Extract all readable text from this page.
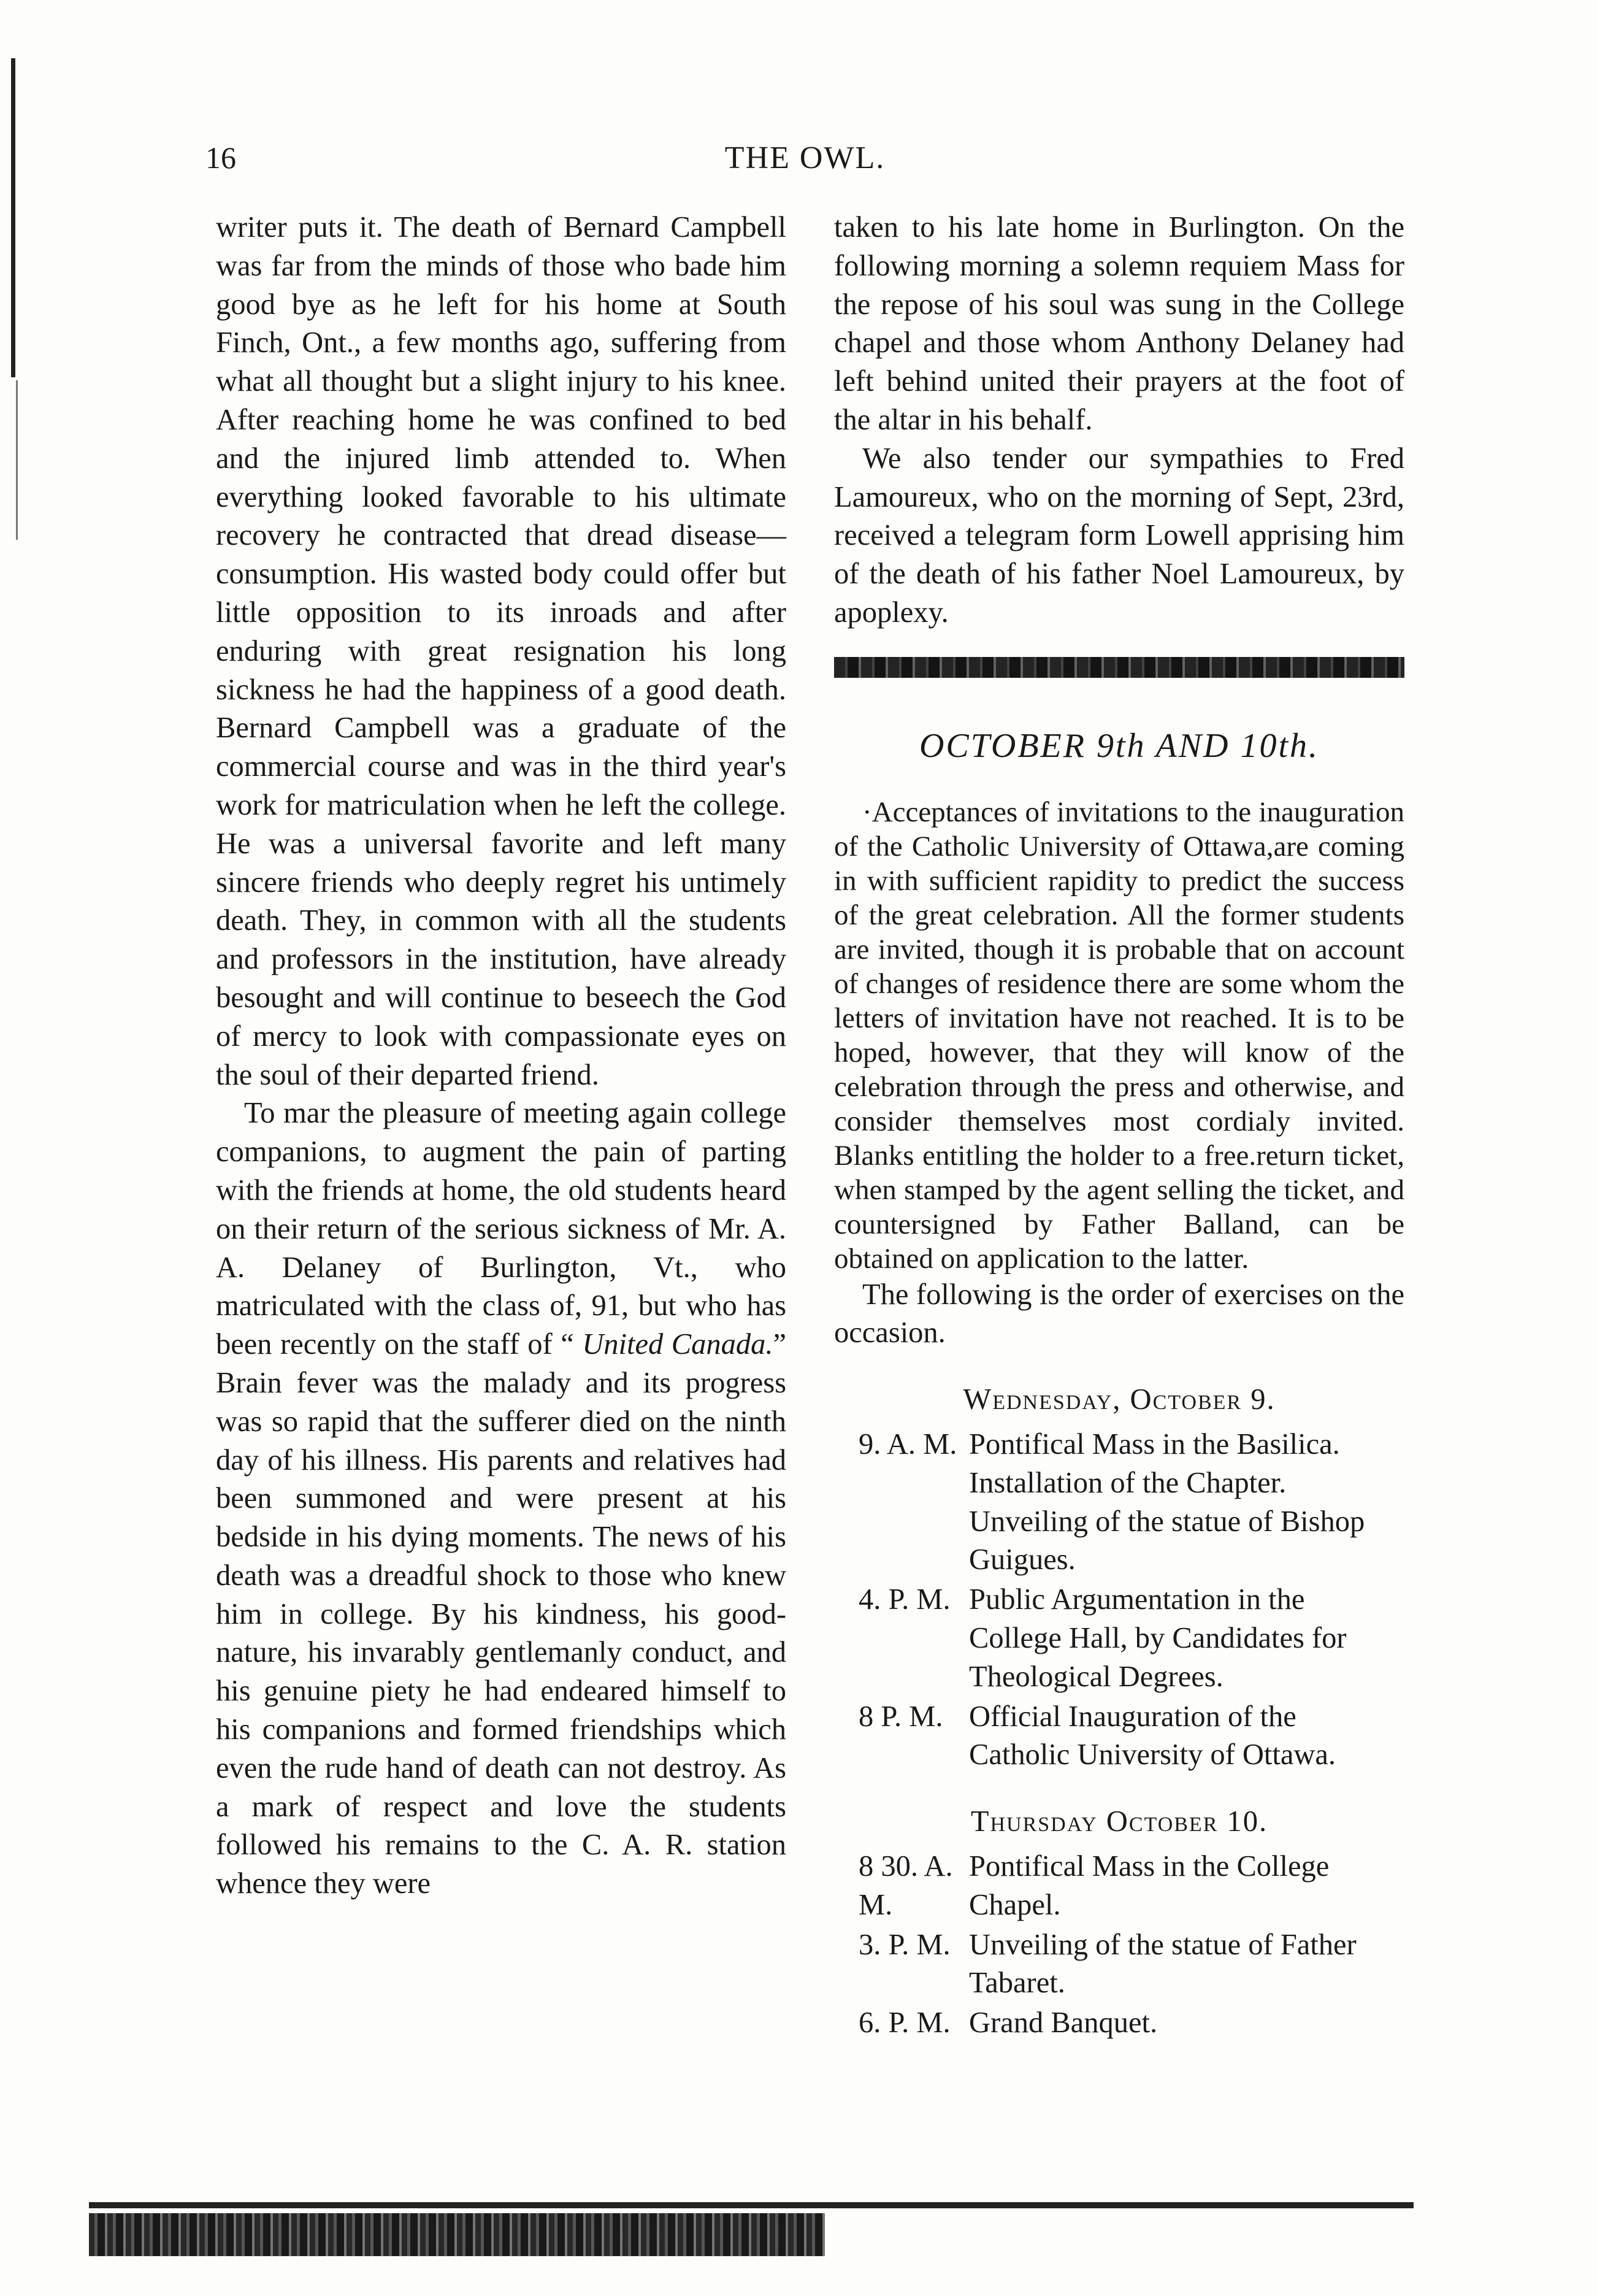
16	THE OWL.

writer puts it. The death of Bernard Campbell was far from the minds of those who bade him good bye as he left for his home at South Finch, Ont., a few months ago, suffering from what all thought but a slight injury to his knee. After reaching home he was confined to bed and the injured limb attended to. When everything looked favorable to his ultimate recovery he contracted that dread disease—consumption. His wasted body could offer but little opposition to its inroads and after enduring with great resignation his long sickness he had the happiness of a good death. Bernard Campbell was a graduate of the commercial course and was in the third year's work for matriculation when he left the college. He was a universal favorite and left many sincere friends who deeply regret his untimely death. They, in common with all the students and professors in the institution, have already besought and will continue to beseech the God of mercy to look with compassionate eyes on the soul of their departed friend.

To mar the pleasure of meeting again college companions, to augment the pain of parting with the friends at home, the old students heard on their return of the serious sickness of Mr. A. A. Delaney of Burlington, Vt., who matriculated with the class of, 91, but who has been recently on the staff of “ United Canada.” Brain fever was the malady and its progress was so rapid that the sufferer died on the ninth day of his illness. His parents and relatives had been summoned and were present at his bedside in his dying moments. The news of his death was a dreadful shock to those who knew him in college. By his kindness, his good-nature, his invarably gentlemanly conduct, and his genuine piety he had endeared himself to his companions and formed friendships which even the rude hand of death can not destroy. As a mark of respect and love the students followed his remains to the C. A. R. station whence they were

taken to his late home in Burlington. On the following morning a solemn requiem Mass for the repose of his soul was sung in the College chapel and those whom Anthony Delaney had left behind united their prayers at the foot of the altar in his behalf.

We also tender our sympathies to Fred Lamoureux, who on the morning of Sept, 23rd, received a telegram form Lowell apprising him of the death of his father Noel Lamoureux, by apoplexy.

OCTOBER 9th AND 10th.

·Acceptances of invitations to the inauguration of the Catholic University of Ottawa,are coming in with sufficient rapidity to predict the success of the great celebration. All the former students are invited, though it is probable that on account of changes of residence there are some whom the letters of invitation have not reached. It is to be hoped, however, that they will know of the celebration through the press and otherwise, and consider themselves most cordialy invited. Blanks entitling the holder to a free.return ticket, when stamped by the agent selling the ticket, and countersigned by Father Balland, can be obtained on application to the latter.

The following is the order of exercises on the occasion.

Wednesday, October 9.
9. A. M. Pontifical Mass in the Basilica.
Installation of the Chapter.
Unveiling of the statue of Bishop Guigues.
4. P. M. Public Argumentation in the College Hall, by Candidates for Theological Degrees.
8 P. M. Official Inauguration of the Catholic University of Ottawa.
Thursday October 10.
8 30. A. M.
Pontifical Mass in the College Chapel.
3. P. M. Unveiling of the statue of Father Tabaret.
6. P. M. Grand Banquet.
